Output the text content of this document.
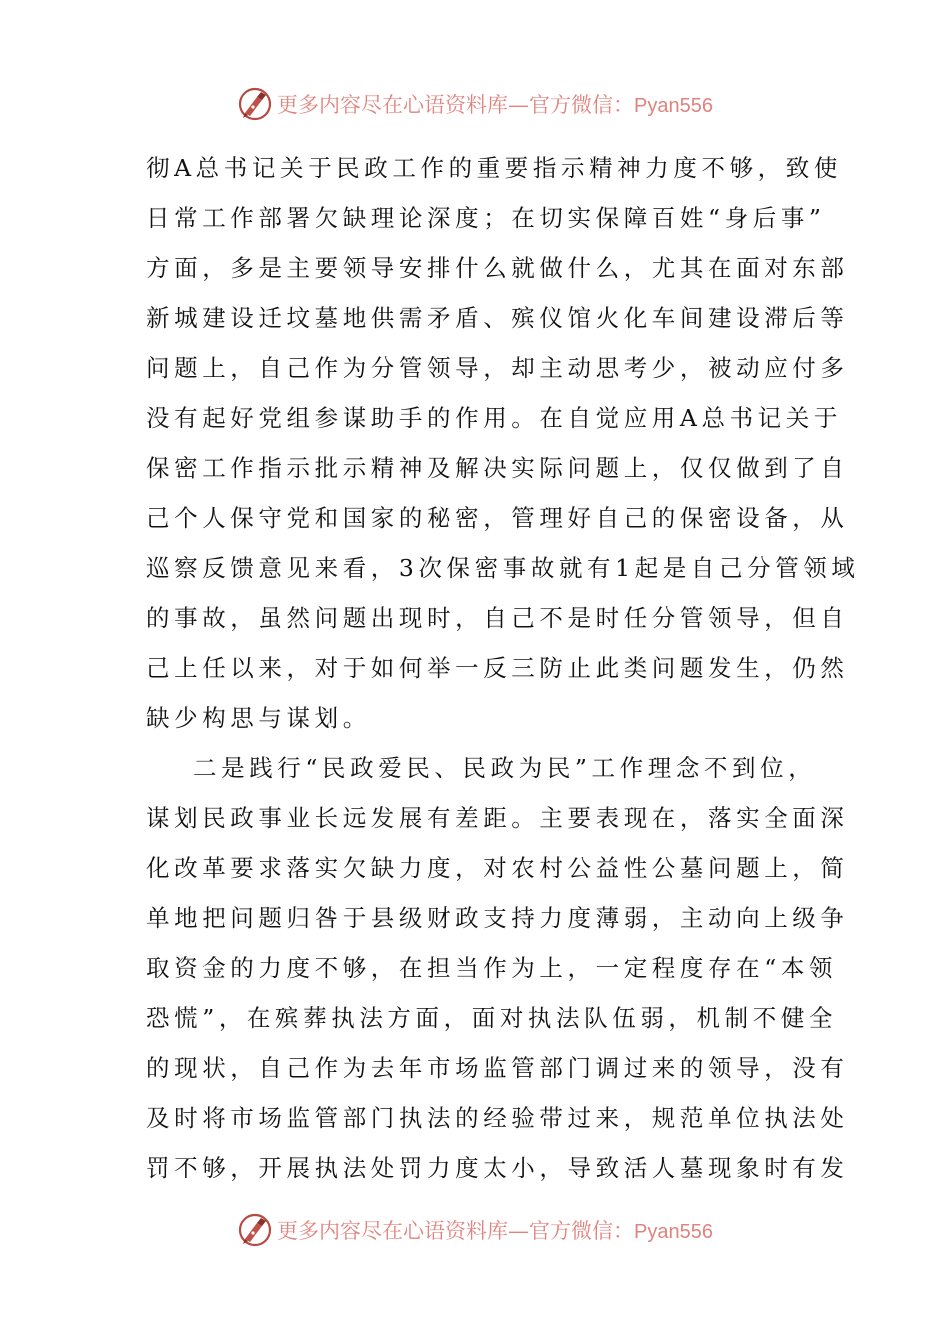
更多内容尽在心语资料库—官方微信：Pyan556
彻A总书记关于民政工作的重要指示精神力度不够，致使
日常工作部署欠缺理论深度；在切实保障百姓“身后事”
方面，多是主要领导安排什么就做什么，尤其在面对东部
新城建设迁坟墓地供需矛盾、殡仪馆火化车间建设滞后等
问题上，自己作为分管领导，却主动思考少，被动应付多
没有起好党组参谋助手的作用。在自觉应用A总书记关于
保密工作指示批示精神及解决实际问题上，仅仅做到了自
己个人保守党和国家的秘密，管理好自己的保密设备，从
巡察反馈意见来看，3次保密事故就有1起是自己分管领域
的事故，虽然问题出现时，自己不是时任分管领导，但自
己上任以来，对于如何举一反三防止此类问题发生，仍然
缺少构思与谋划。
二是践行“民政爱民、民政为民”工作理念不到位，
谋划民政事业长远发展有差距。主要表现在，落实全面深
化改革要求落实欠缺力度，对农村公益性公墓问题上，简
单地把问题归咎于县级财政支持力度薄弱，主动向上级争
取资金的力度不够，在担当作为上，一定程度存在“本领
恐慌”，在殡葬执法方面，面对执法队伍弱，机制不健全
的现状，自己作为去年市场监管部门调过来的领导，没有
及时将市场监管部门执法的经验带过来，规范单位执法处
罚不够，开展执法处罚力度太小，导致活人墓现象时有发
更多内容尽在心语资料库—官方微信：Pyan556
